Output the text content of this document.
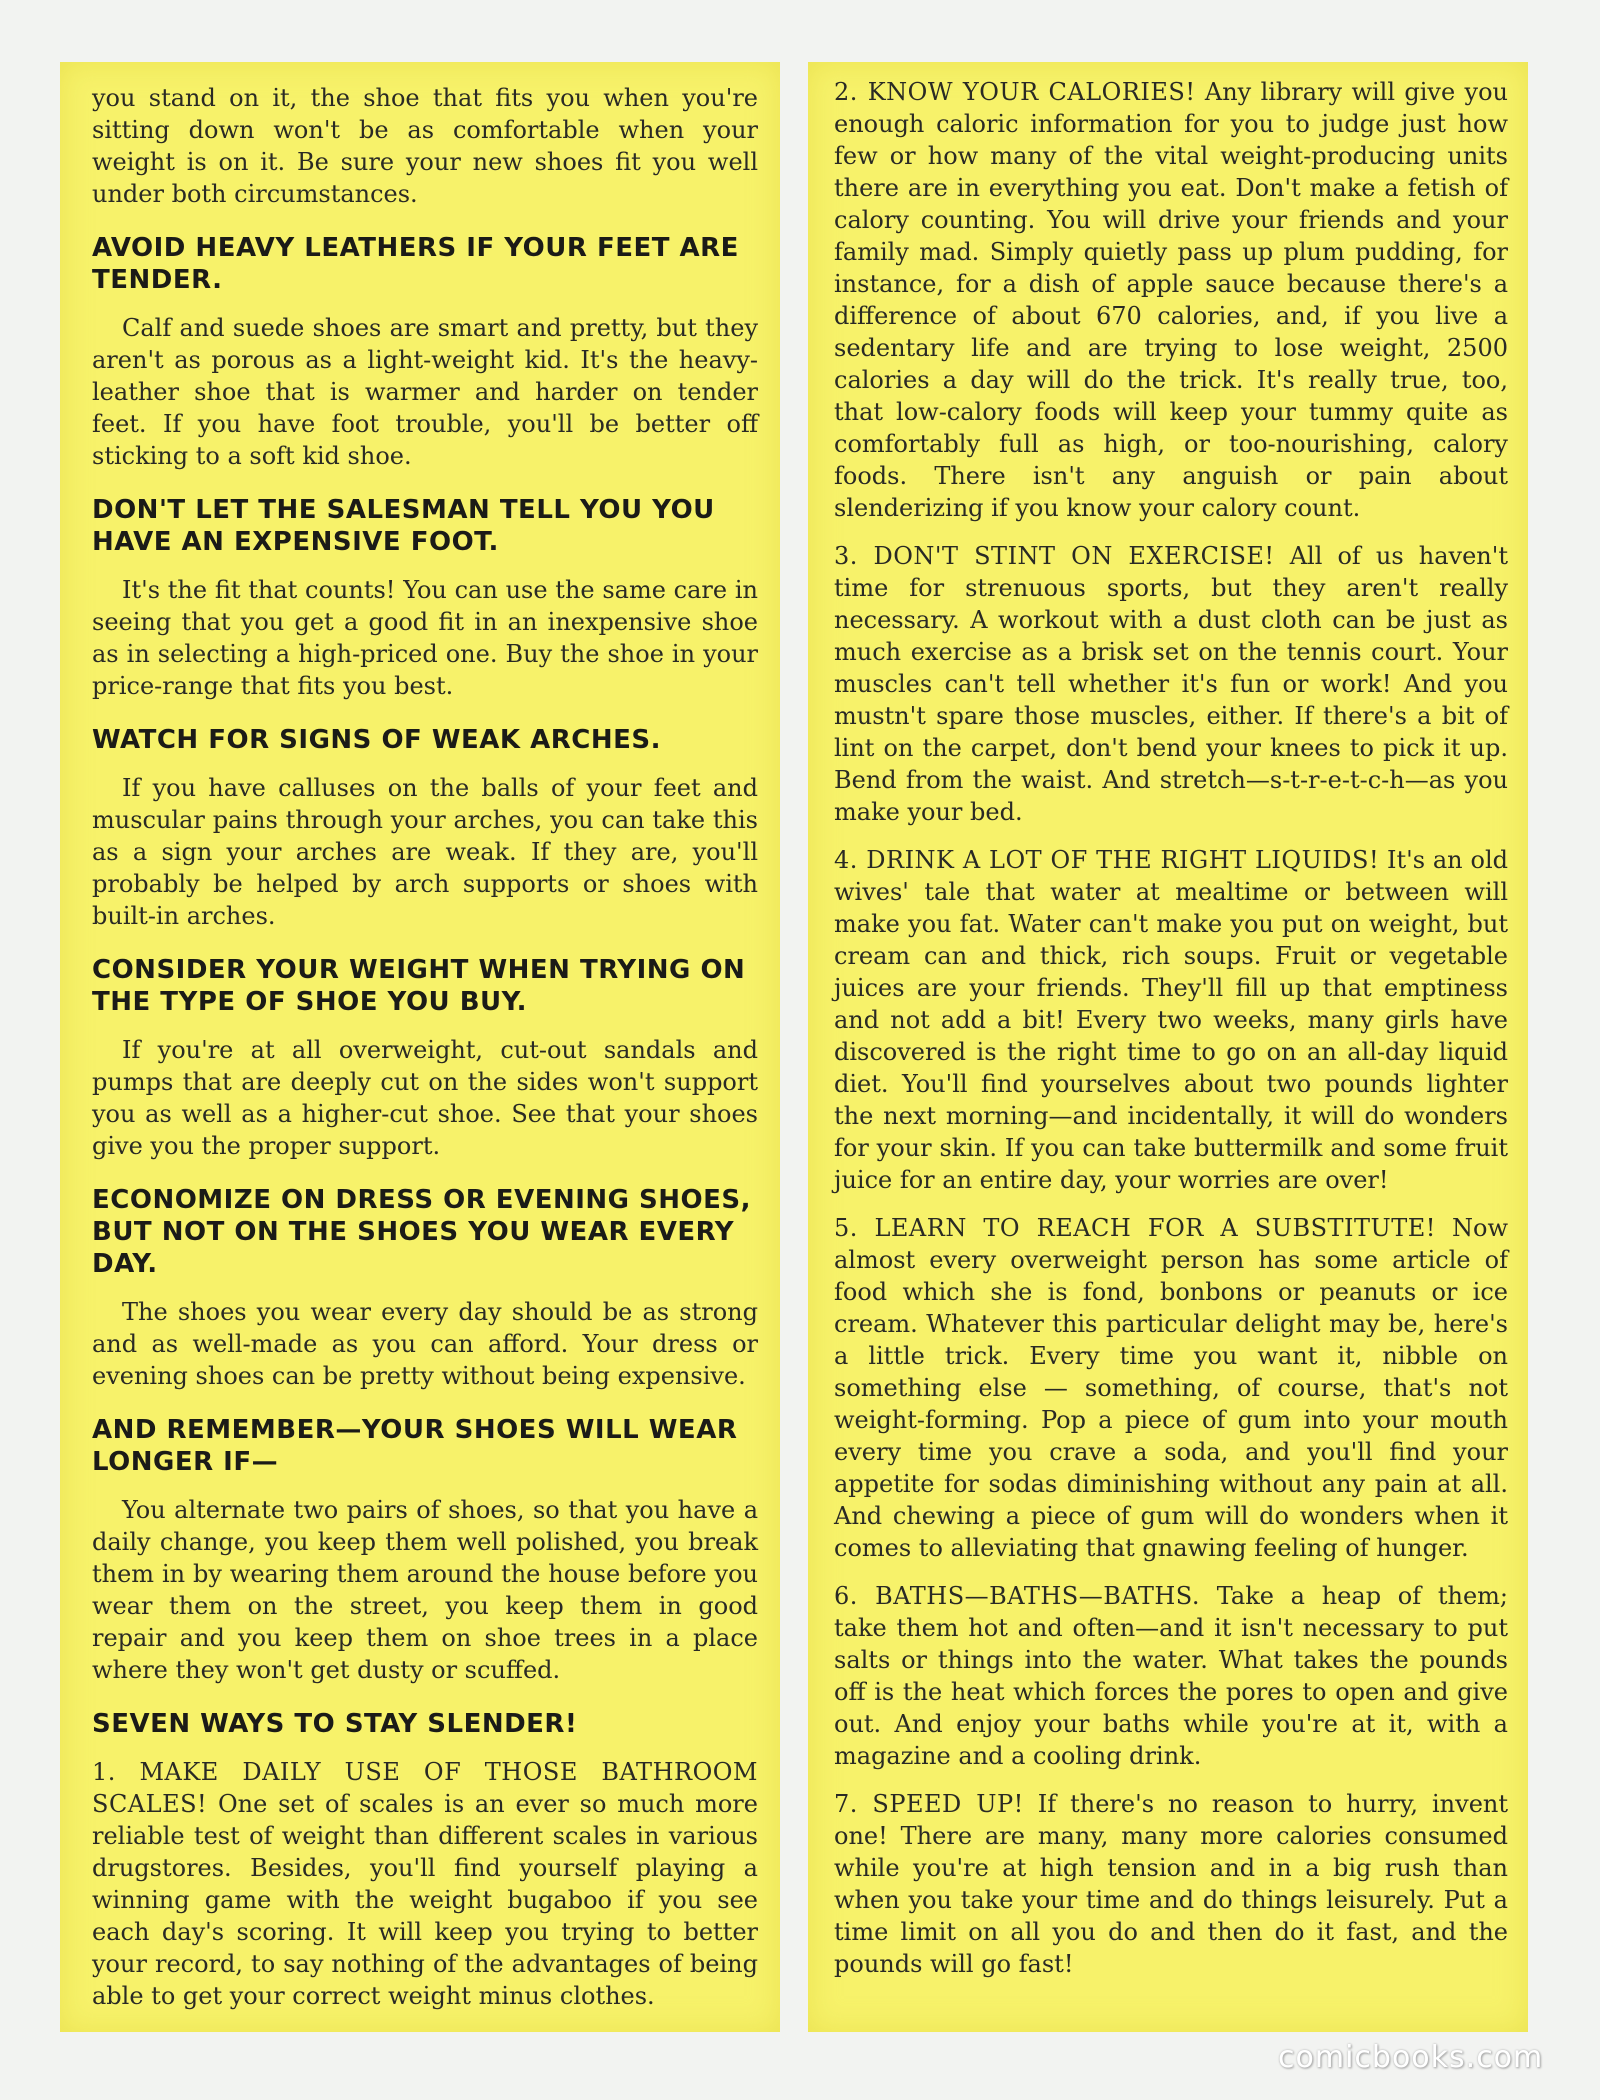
you stand on it, the shoe that fits you when you're sitting down won't be as comfortable when your weight is on it. Be sure your new shoes fit you well under both circumstances.

AVOID HEAVY LEATHERS IF YOUR FEET ARE TENDER.

Calf and suede shoes are smart and pretty, but they aren't as porous as a light-weight kid. It's the heavy-leather shoe that is warmer and harder on tender feet. If you have foot trouble, you'll be better off sticking to a soft kid shoe.

DON'T LET THE SALESMAN TELL YOU YOU HAVE AN EXPENSIVE FOOT.

It's the fit that counts! You can use the same care in seeing that you get a good fit in an inexpensive shoe as in selecting a high-priced one. Buy the shoe in your price-range that fits you best.

WATCH FOR SIGNS OF WEAK ARCHES.

If you have calluses on the balls of your feet and muscular pains through your arches, you can take this as a sign your arches are weak. If they are, you'll probably be helped by arch supports or shoes with built-in arches.

CONSIDER YOUR WEIGHT WHEN TRYING ON THE TYPE OF SHOE YOU BUY.

If you're at all overweight, cut-out sandals and pumps that are deeply cut on the sides won't support you as well as a higher-cut shoe. See that your shoes give you the proper support.

ECONOMIZE ON DRESS OR EVENING SHOES, BUT NOT ON THE SHOES YOU WEAR EVERY DAY.

The shoes you wear every day should be as strong and as well-made as you can afford. Your dress or evening shoes can be pretty without being expensive.

AND REMEMBER—YOUR SHOES WILL WEAR LONGER IF—

You alternate two pairs of shoes, so that you have a daily change, you keep them well polished, you break them in by wearing them around the house before you wear them on the street, you keep them in good repair and you keep them on shoe trees in a place where they won't get dusty or scuffed.

SEVEN WAYS TO STAY SLENDER!

1. MAKE DAILY USE OF THOSE BATHROOM SCALES! One set of scales is an ever so much more reliable test of weight than different scales in various drugstores. Besides, you'll find yourself playing a winning game with the weight bugaboo if you see each day's scoring. It will keep you trying to better your record, to say nothing of the advantages of being able to get your correct weight minus clothes.

2. KNOW YOUR CALORIES! Any library will give you enough caloric information for you to judge just how few or how many of the vital weight-producing units there are in everything you eat. Don't make a fetish of calory counting. You will drive your friends and your family mad. Simply quietly pass up plum pudding, for instance, for a dish of apple sauce because there's a difference of about 670 calories, and, if you live a sedentary life and are trying to lose weight, 2500 calories a day will do the trick. It's really true, too, that low-calory foods will keep your tummy quite as comfortably full as high, or too-nourishing, calory foods. There isn't any anguish or pain about slenderizing if you know your calory count.

3. DON'T STINT ON EXERCISE! All of us haven't time for strenuous sports, but they aren't really necessary. A workout with a dust cloth can be just as much exercise as a brisk set on the tennis court. Your muscles can't tell whether it's fun or work! And you mustn't spare those muscles, either. If there's a bit of lint on the carpet, don't bend your knees to pick it up. Bend from the waist. And stretch—s-t-r-e-t-c-h—as you make your bed.

4. DRINK A LOT OF THE RIGHT LIQUIDS! It's an old wives' tale that water at mealtime or between will make you fat. Water can't make you put on weight, but cream can and thick, rich soups. Fruit or vegetable juices are your friends. They'll fill up that emptiness and not add a bit! Every two weeks, many girls have discovered is the right time to go on an all-day liquid diet. You'll find yourselves about two pounds lighter the next morning—and incidentally, it will do wonders for your skin. If you can take buttermilk and some fruit juice for an entire day, your worries are over!

5. LEARN TO REACH FOR A SUBSTITUTE! Now almost every overweight person has some article of food which she is fond, bonbons or peanuts or ice cream. Whatever this particular delight may be, here's a little trick. Every time you want it, nibble on something else — something, of course, that's not weight-forming. Pop a piece of gum into your mouth every time you crave a soda, and you'll find your appetite for sodas diminishing without any pain at all. And chewing a piece of gum will do wonders when it comes to alleviating that gnawing feeling of hunger.

6. BATHS—BATHS—BATHS. Take a heap of them; take them hot and often—and it isn't necessary to put salts or things into the water. What takes the pounds off is the heat which forces the pores to open and give out. And enjoy your baths while you're at it, with a magazine and a cooling drink.

7. SPEED UP! If there's no reason to hurry, invent one! There are many, many more calories consumed while you're at high tension and in a big rush than when you take your time and do things leisurely. Put a time limit on all you do and then do it fast, and the pounds will go fast!

comicbooks.com
